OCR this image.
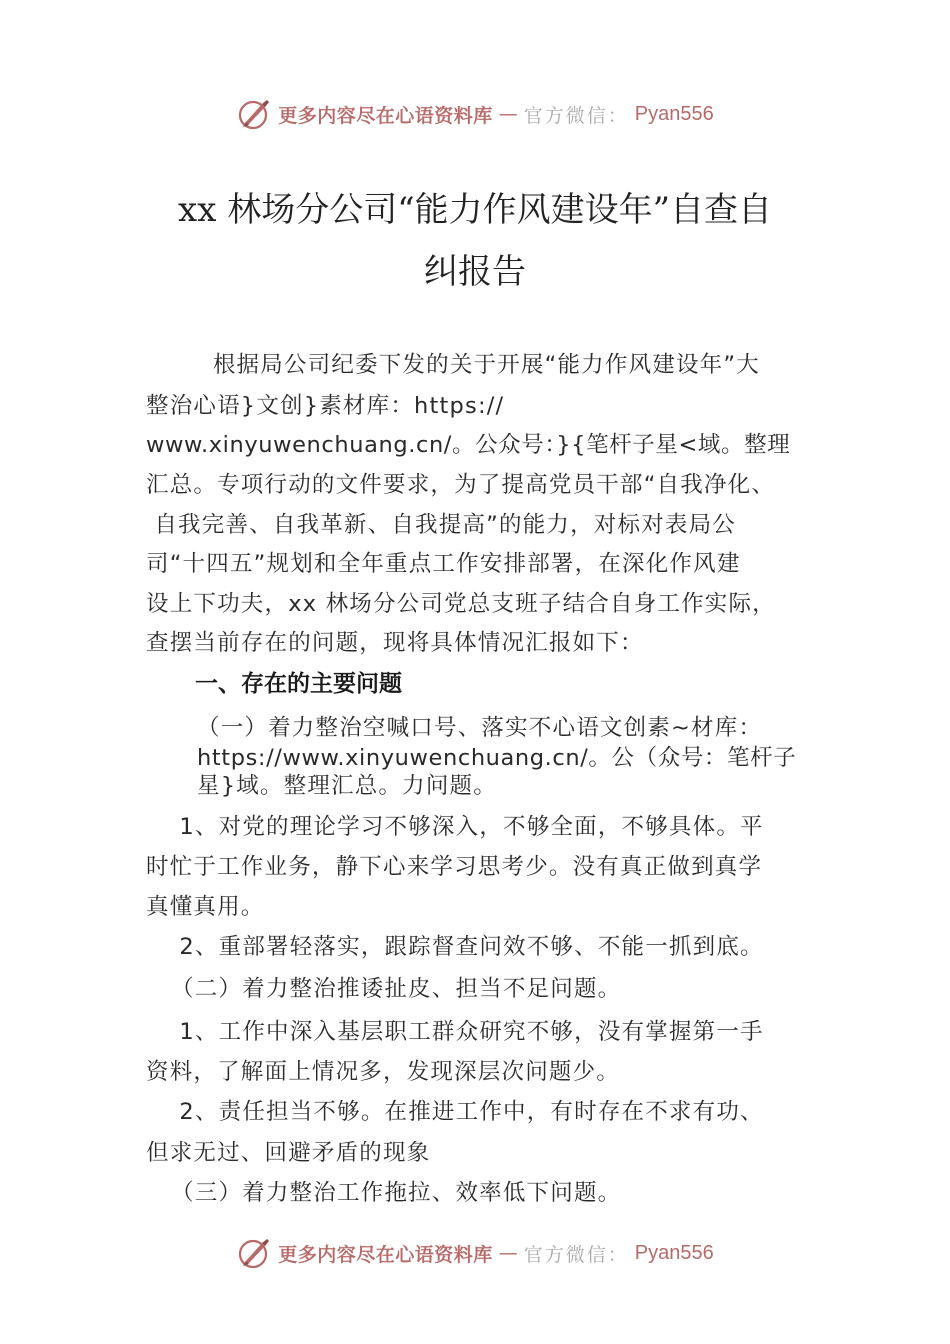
更多内容尽在心语资料库 — 官方微信： Pyan556
xx 林场分公司“能力作风建设年”自查自
纠报告
根据局公司纪委下发的关于开展“能力作风建设年”大
整治心语}文创}素材库：https://
www.xinyuwenchuang.cn/。公众号：}{笔杆子星<域。整理
汇总。专项行动的文件要求，为了提高党员干部“自我净化、
自我完善、自我革新、自我提高”的能力，对标对表局公
司“十四五”规划和全年重点工作安排部署，在深化作风建
设上下功夫，xx 林场分公司党总支班子结合自身工作实际，
查摆当前存在的问题，现将具体情况汇报如下：
一、存在的主要问题
（一）着力整治空喊口号、落实不心语文创素~材库：
https://www.xinyuwenchuang.cn/。公（众号：笔杆子
星}域。整理汇总。力问题。
1、对党的理论学习不够深入，不够全面，不够具体。平
时忙于工作业务，静下心来学习思考少。没有真正做到真学
真懂真用。
2、重部署轻落实，跟踪督查问效不够、不能一抓到底。
（二）着力整治推诿扯皮、担当不足问题。
1、工作中深入基层职工群众研究不够，没有掌握第一手
资料，了解面上情况多，发现深层次问题少。
2、责任担当不够。在推进工作中，有时存在不求有功、
但求无过、回避矛盾的现象
（三）着力整治工作拖拉、效率低下问题。
更多内容尽在心语资料库 — 官方微信： Pyan556
